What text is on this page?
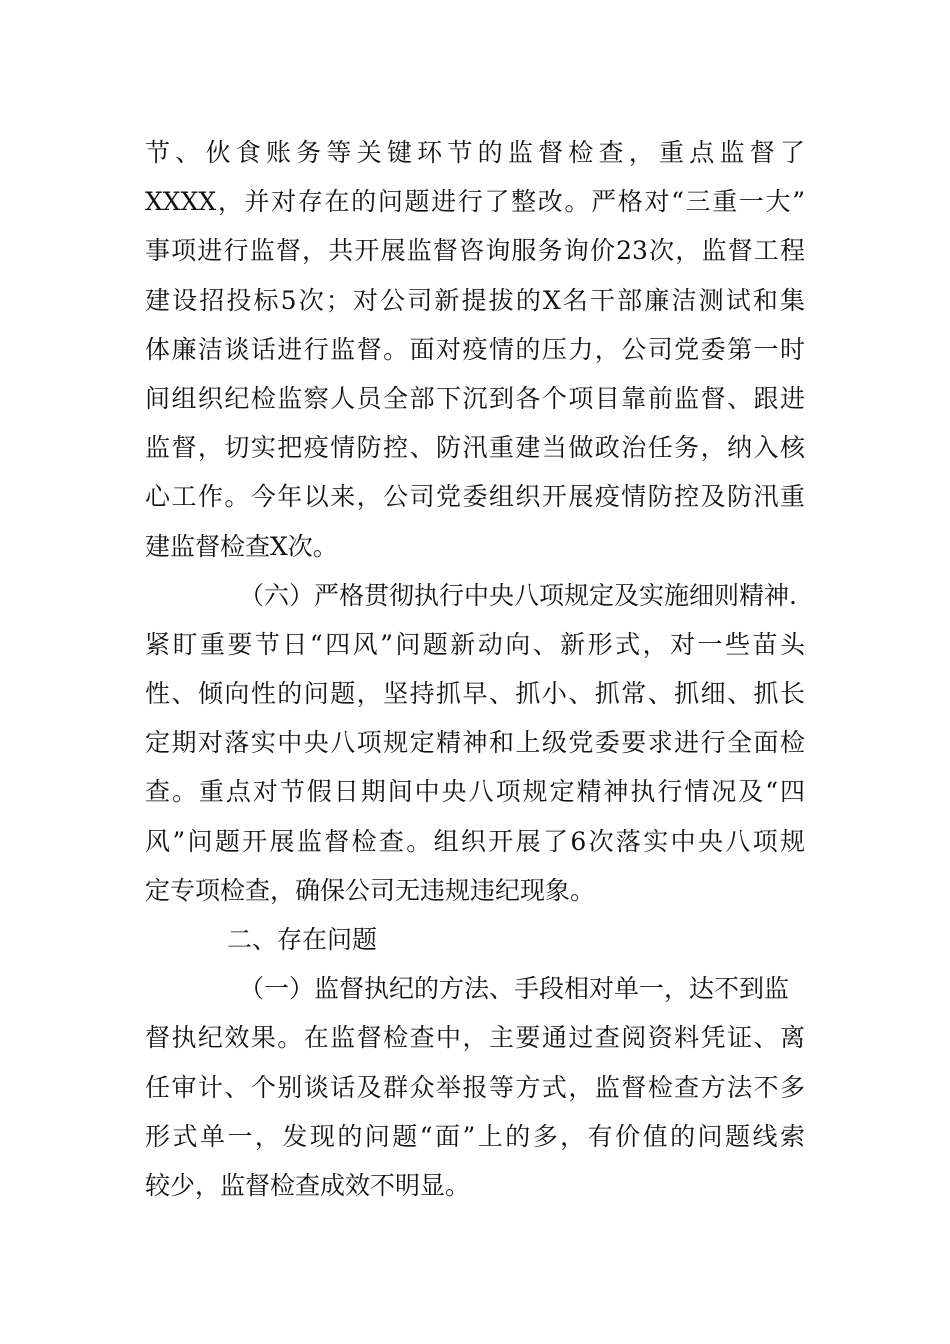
节、伙食账务等关键环节的监督检查，重点监督了
XXXX，并对存在的问题进行了整改。严格对“三重一大”
事项进行监督，共开展监督咨询服务询价23次，监督工程
建设招投标5次；对公司新提拔的X名干部廉洁测试和集
体廉洁谈话进行监督。面对疫情的压力，公司党委第一时
间组织纪检监察人员全部下沉到各个项目靠前监督、跟进
监督，切实把疫情防控、防汛重建当做政治任务，纳入核
心工作。今年以来，公司党委组织开展疫情防控及防汛重
建监督检查X次。
（六）严格贯彻执行中央八项规定及实施细则精神.
紧盯重要节日“四风”问题新动向、新形式，对一些苗头
性、倾向性的问题，坚持抓早、抓小、抓常、抓细、抓长
定期对落实中央八项规定精神和上级党委要求进行全面检
查。重点对节假日期间中央八项规定精神执行情况及“四
风”问题开展监督检查。组织开展了6次落实中央八项规
定专项检查，确保公司无违规违纪现象。
二、存在问题
（一）监督执纪的方法、手段相对单一，达不到监
督执纪效果。在监督检查中，主要通过查阅资料凭证、离
任审计、个别谈话及群众举报等方式，监督检查方法不多
形式单一，发现的问题“面”上的多，有价值的问题线索
较少，监督检查成效不明显。
